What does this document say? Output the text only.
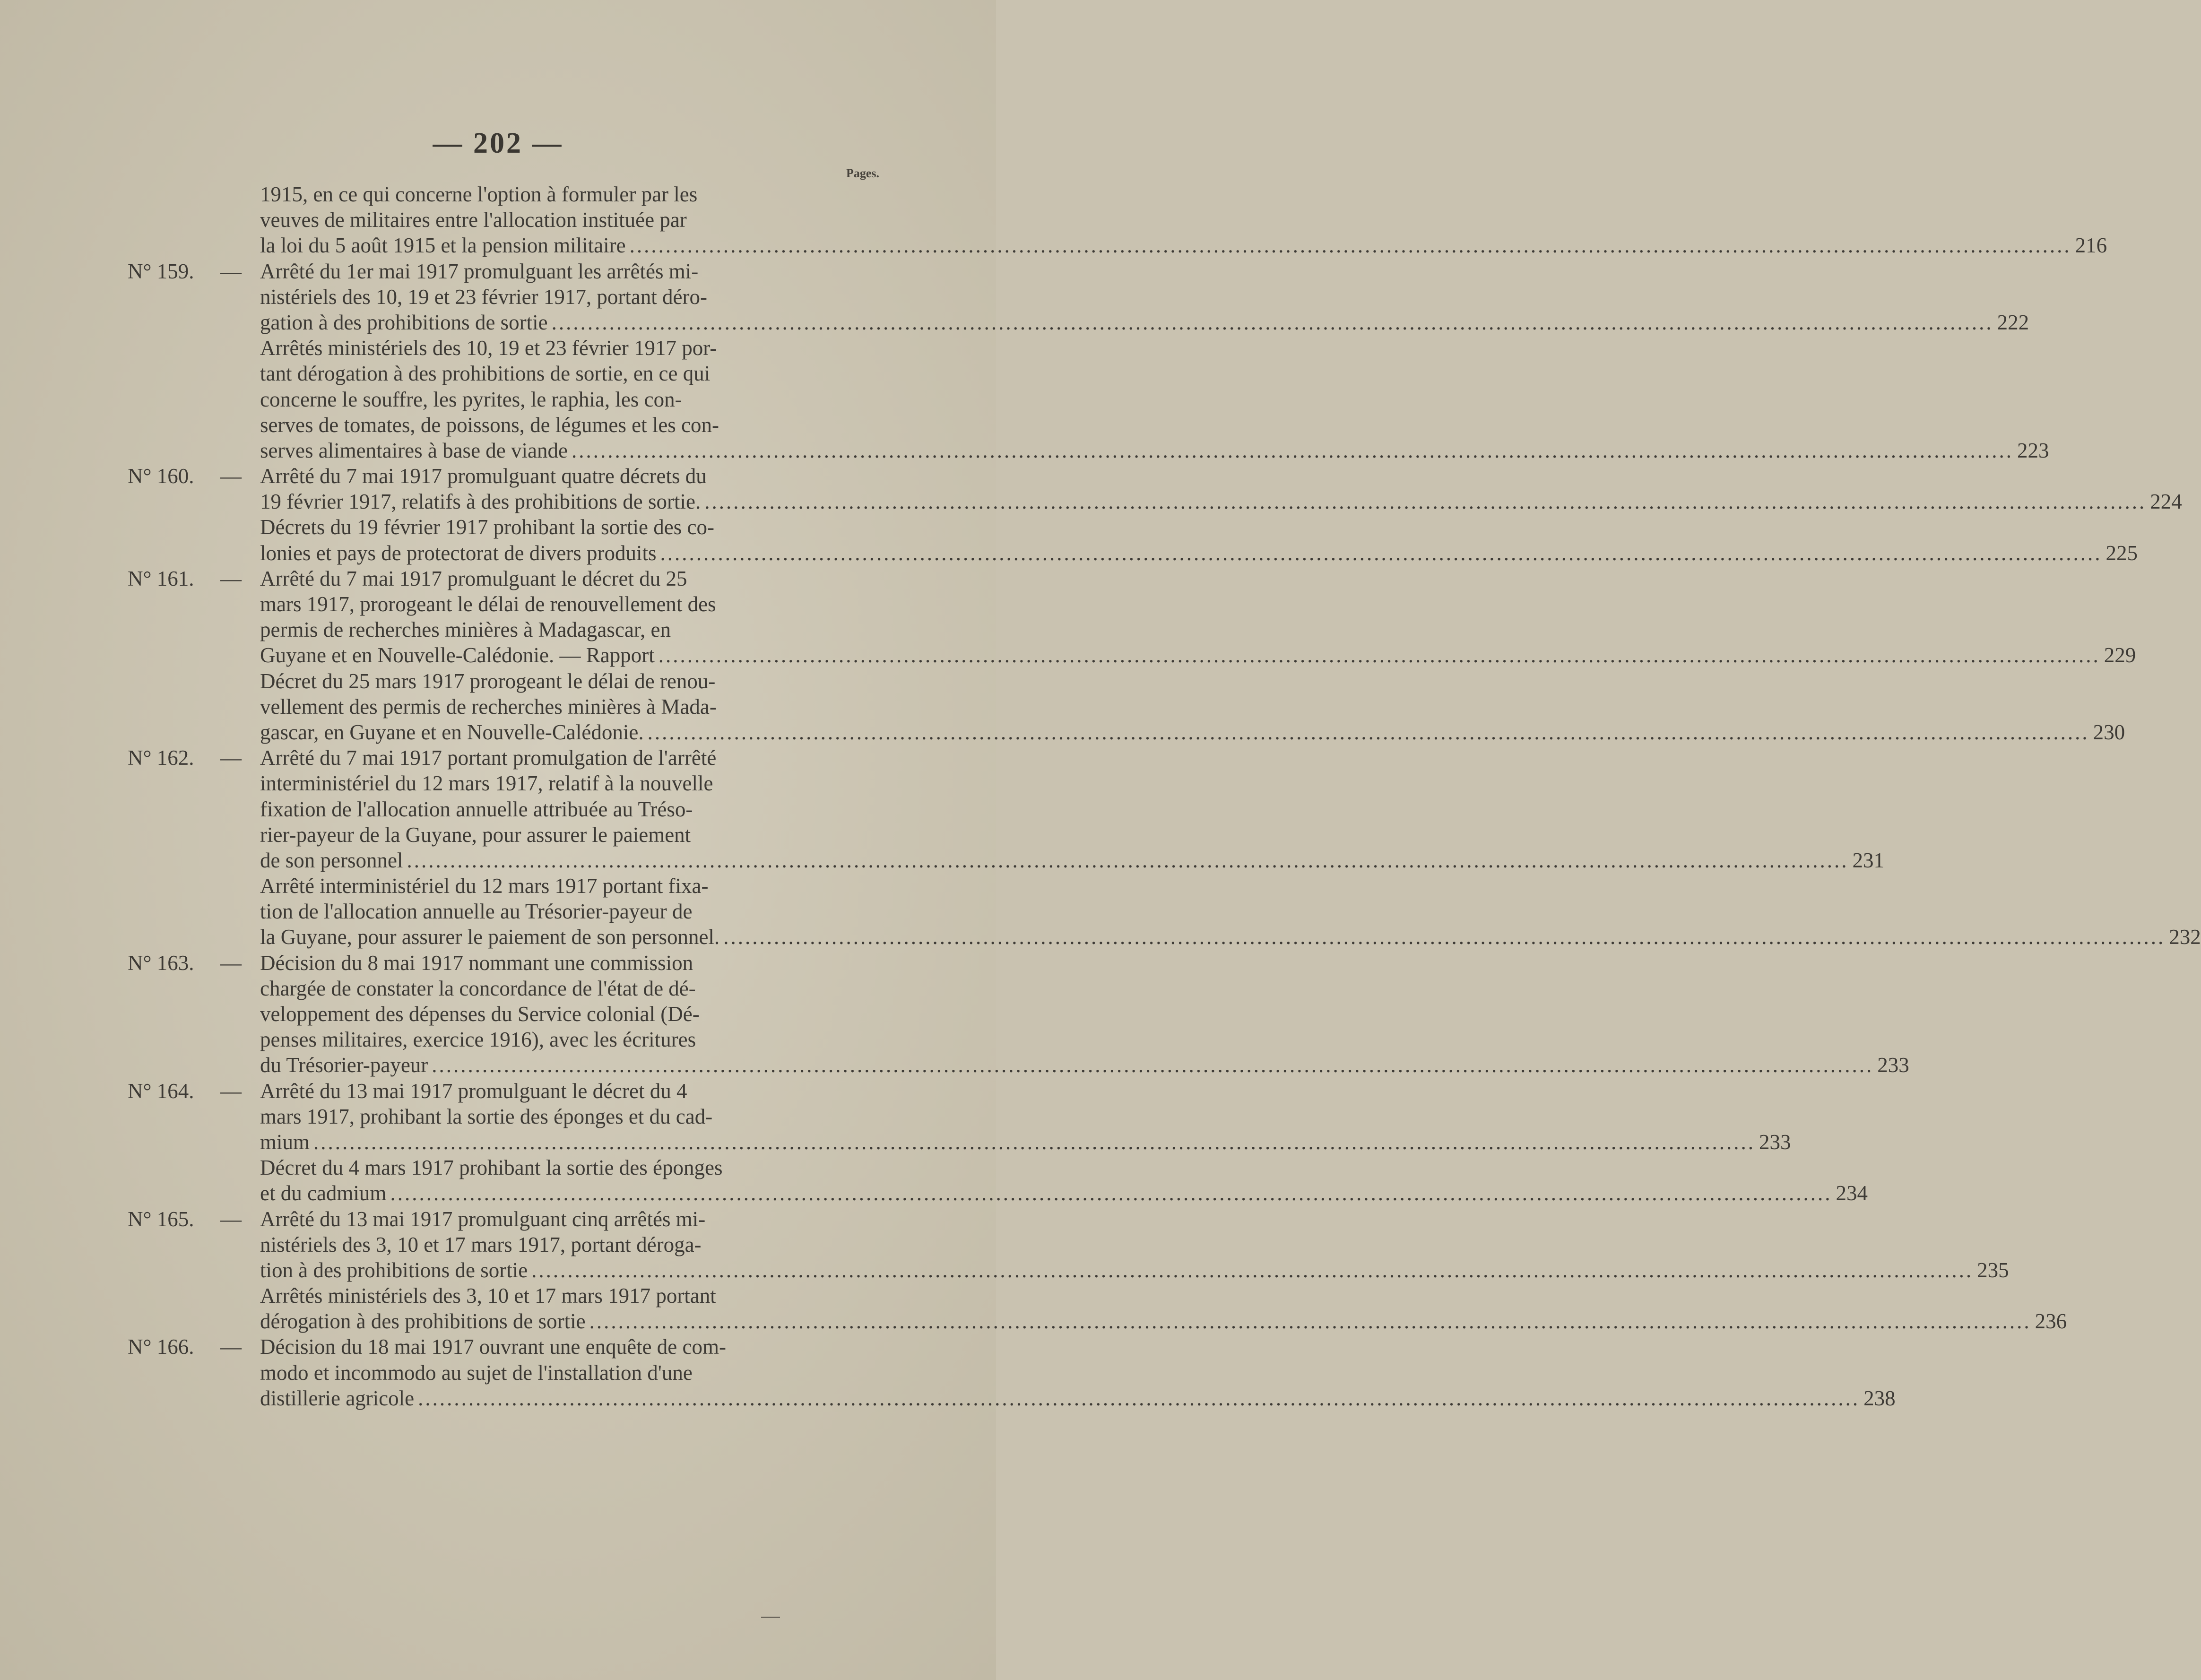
— 202 —
Pages.
1915, en ce qui concerne l'option à formuler par les
veuves de militaires entre l'allocation instituée par
la loi du 5 août 1915 et la pension militaire ........................................................................................................................................................................................................ 216
N° 159. — Arrêté du 1er mai 1917 promulguant les arrêtés mi-
nistériels des 10, 19 et 23 février 1917, portant déro-
gation à des prohibitions de sortie ........................................................................................................................................................................................................ 222
Arrêtés ministériels des 10, 19 et 23 février 1917 por-
tant dérogation à des prohibitions de sortie, en ce qui
concerne le souffre, les pyrites, le raphia, les con-
serves de tomates, de poissons, de légumes et les con-
serves alimentaires à base de viande ........................................................................................................................................................................................................ 223
N° 160. — Arrêté du 7 mai 1917 promulguant quatre décrets du
19 février 1917, relatifs à des prohibitions de sortie. ........................................................................................................................................................................................................ 224
Décrets du 19 février 1917 prohibant la sortie des co-
lonies et pays de protectorat de divers produits ........................................................................................................................................................................................................ 225
N° 161. — Arrêté du 7 mai 1917 promulguant le décret du 25
mars 1917, prorogeant le délai de renouvellement des
permis de recherches minières à Madagascar, en
Guyane et en Nouvelle-Calédonie. — Rapport ........................................................................................................................................................................................................ 229
Décret du 25 mars 1917 prorogeant le délai de renou-
vellement des permis de recherches minières à Mada-
gascar, en Guyane et en Nouvelle-Calédonie. ........................................................................................................................................................................................................ 230
N° 162. — Arrêté du 7 mai 1917 portant promulgation de l'arrêté
interministériel du 12 mars 1917, relatif à la nouvelle
fixation de l'allocation annuelle attribuée au Tréso-
rier-payeur de la Guyane, pour assurer le paiement
de son personnel ........................................................................................................................................................................................................ 231
Arrêté interministériel du 12 mars 1917 portant fixa-
tion de l'allocation annuelle au Trésorier-payeur de
la Guyane, pour assurer le paiement de son personnel. ........................................................................................................................................................................................................ 232
N° 163. — Décision du 8 mai 1917 nommant une commission
chargée de constater la concordance de l'état de dé-
veloppement des dépenses du Service colonial (Dé-
penses militaires, exercice 1916), avec les écritures
du Trésorier-payeur ........................................................................................................................................................................................................ 233
N° 164. — Arrêté du 13 mai 1917 promulguant le décret du 4
mars 1917, prohibant la sortie des éponges et du cad-
mium ........................................................................................................................................................................................................ 233
Décret du 4 mars 1917 prohibant la sortie des éponges
et du cadmium ........................................................................................................................................................................................................ 234
N° 165. — Arrêté du 13 mai 1917 promulguant cinq arrêtés mi-
nistériels des 3, 10 et 17 mars 1917, portant déroga-
tion à des prohibitions de sortie ........................................................................................................................................................................................................ 235
Arrêtés ministériels des 3, 10 et 17 mars 1917 portant
dérogation à des prohibitions de sortie ........................................................................................................................................................................................................ 236
N° 166. — Décision du 18 mai 1917 ouvrant une enquête de com-
modo et incommodo au sujet de l'installation d'une
distillerie agricole ........................................................................................................................................................................................................ 238
